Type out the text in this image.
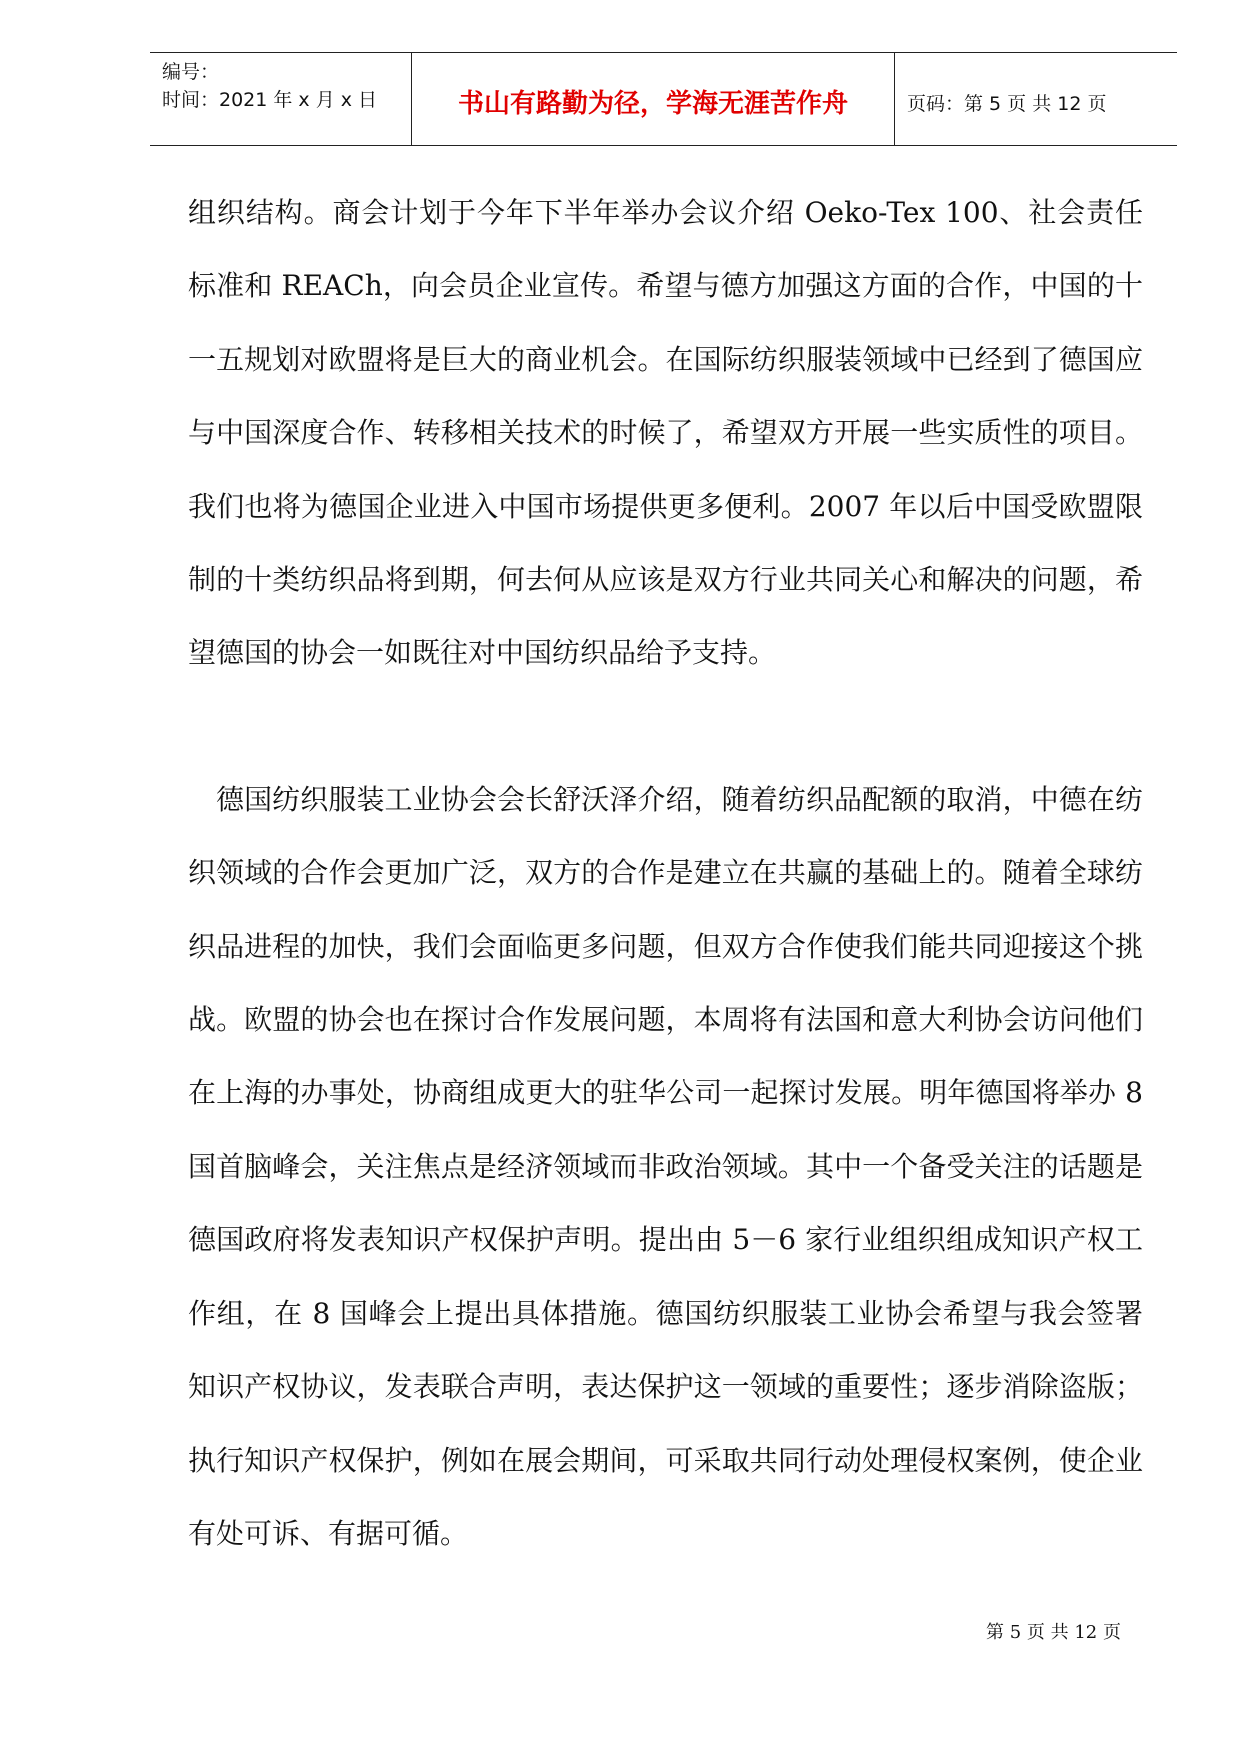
编号：
时间：2021 年 x 月 x 日	书山有路勤为径，学海无涯苦作舟	页码：第 5 页 共 12 页

组织结构。商会计划于今年下半年举办会议介绍 Oeko-Tex 100、社会责任标准和 REACh，向会员企业宣传。希望与德方加强这方面的合作，中国的十一五规划对欧盟将是巨大的商业机会。在国际纺织服装领域中已经到了德国应与中国深度合作、转移相关技术的时候了，希望双方开展一些实质性的项目。我们也将为德国企业进入中国市场提供更多便利。2007 年以后中国受欧盟限制的十类纺织品将到期，何去何从应该是双方行业共同关心和解决的问题，希望德国的协会一如既往对中国纺织品给予支持。

德国纺织服装工业协会会长舒沃泽介绍，随着纺织品配额的取消，中德在纺织领域的合作会更加广泛，双方的合作是建立在共赢的基础上的。随着全球纺织品进程的加快，我们会面临更多问题，但双方合作使我们能共同迎接这个挑战。欧盟的协会也在探讨合作发展问题，本周将有法国和意大利协会访问他们在上海的办事处，协商组成更大的驻华公司一起探讨发展。明年德国将举办 8 国首脑峰会，关注焦点是经济领域而非政治领域。其中一个备受关注的话题是德国政府将发表知识产权保护声明。提出由 5－6 家行业组织组成知识产权工作组，在 8 国峰会上提出具体措施。德国纺织服装工业协会希望与我会签署知识产权协议，发表联合声明，表达保护这一领域的重要性；逐步消除盗版；执行知识产权保护，例如在展会期间，可采取共同行动处理侵权案例，使企业有处可诉、有据可循。

第 5 页 共 12 页
